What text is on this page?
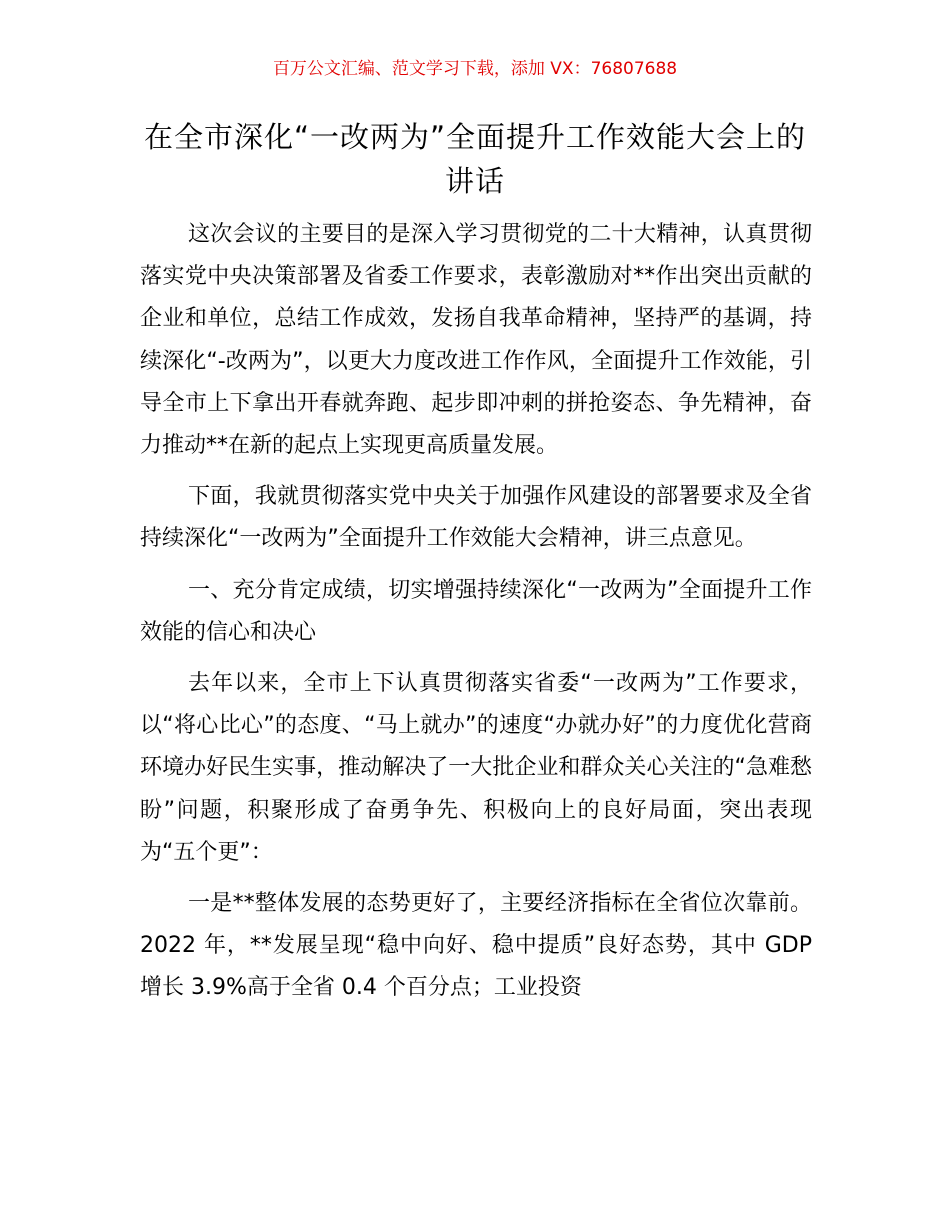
百万公文汇编、范文学习下载，添加 VX：76807688
在全市深化“一改两为”全面提升工作效能大会上的讲话

这次会议的主要目的是深入学习贯彻党的二十大精神，认真贯彻落实党中央决策部署及省委工作要求，表彰激励对**作出突出贡献的企业和单位，总结工作成效，发扬自我革命精神，坚持严的基调，持续深化“-改两为”，以更大力度改进工作作风，全面提升工作效能，引导全市上下拿出开春就奔跑、起步即冲刺的拼抢姿态、争先精神，奋力推动**在新的起点上实现更高质量发展。

下面，我就贯彻落实党中央关于加强作风建设的部署要求及全省持续深化“一改两为”全面提升工作效能大会精神，讲三点意见。

一、充分肯定成绩，切实增强持续深化“一改两为”全面提升工作效能的信心和决心

去年以来，全市上下认真贯彻落实省委“一改两为”工作要求，以“将心比心”的态度、“马上就办”的速度“办就办好”的力度优化营商环境办好民生实事，推动解决了一大批企业和群众关心关注的“急难愁盼”问题，积聚形成了奋勇争先、积极向上的良好局面，突出表现为“五个更”：

一是**整体发展的态势更好了，主要经济指标在全省位次靠前。2022 年，**发展呈现“稳中向好、稳中提质”良好态势，其中 GDP 增长 3.9%高于全省 0.4 个百分点；工业投资
